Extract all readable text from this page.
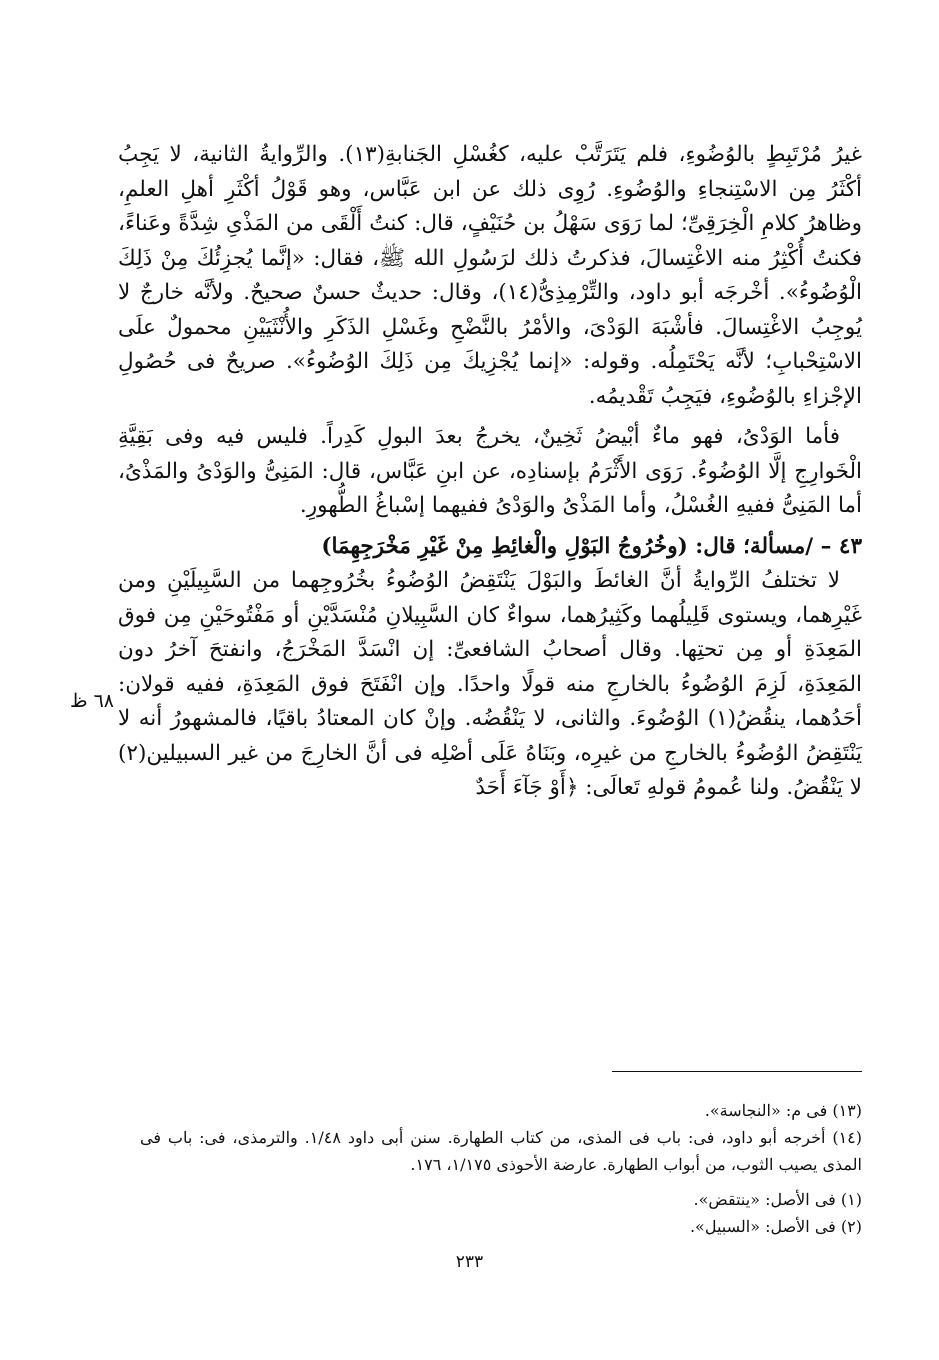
٦٨ ظ

غيرُ مُرْتَبِطٍ بالوُضُوءِ، فلم يَتَرَتَّبْ عليه، كغُسْلِ الجَنابةِ(١٣). والرِّوايةُ الثانية، لا يَجِبُ أكْثَرُ مِن الاسْتِنجاءِ والوُضُوءِ. رُوِى ذلك عن ابن عَبَّاس، وهو قَوْلُ أكْثَرِ أهلِ العلمِ، وظاهرُ كلامِ الْخِرَقِىِّ؛ لما رَوَى سَهْلُ بن حُنَيْفٍ، قال: كنتُ أَلْقَى من المَذْىِ شِدَّةً وعَناءً، فكنتُ أُكْثِرُ منه الاغْتِسالَ، فذكرتُ ذلك لرَسُولِ الله ﷺ، فقال: «إنَّما يُجزِئُكَ مِنْ ذَلِكَ الْوُضُوءُ». أخْرجَه أبو داود، والتِّرْمِذِىُّ(١٤)، وقال: حديثٌ حسنٌ صحيحٌ. ولأنَّه خارجٌ لا يُوجِبُ الاغْتِسالَ. فأشْبَهَ الوَدْىَ، والأمْرُ بالنَّضْحِ وغَسْلِ الذَكَرِ والأُنْثَيَيْنِ محمولٌ علَى الاسْتِحْبابِ؛ لأنَّه يَحْتَمِلُه. وقوله: «إنما يُجْزِيكَ مِن ذَلِكَ الوُضُوءُ». صريحٌ فى حُصُولِ الإجْزاءِ بالوُضُوءِ، فيَجِبُ تَقْديمُه.

فأما الوَدْىُ، فهو ماءٌ أبْيضُ ثَخِينٌ، يخرجُ بعدَ البولِ كَدِراً. فليس فيه وفى بَقِيَّةِ الْخَوارِجِ إلَّا الوُضُوءُ. رَوَى الأَثْرَمُ بإسنادِه، عن ابنِ عَبَّاس، قال: المَنِىُّ والوَدْىُ والمَذْىُ، أما المَنِىُّ ففيهِ الغُسْلُ، وأما المَذْىُ والوَدْىُ ففيهما إسْباغُ الطُّهورِ.

٤٣ – /مسألة؛ قال: (وخُرُوجُ البَوْلِ والْغائِطِ مِنْ غَيْرِ مَخْرَجِهِمَا)

لا تختلفُ الرِّوايةُ أنَّ الغائطَ والبَوْلَ يَنْتَقِضُ الوُضُوءُ بخُرُوجِهما من السَّبِيلَيْنِ ومن غَيْرِهما، ويستوى قَلِيلُهما وكَثِيرُهما، سواءٌ كان السَّبِيلانِ مُنْسَدَّيْنِ أو مَفْتُوحَيْنِ مِن فوق المَعِدَةِ أو مِن تحتِها. وقال أصحابُ الشافعىِّ: إن انْسَدَّ المَخْرَجُ، وانفتحَ آخرُ دون المَعِدَةِ، لَزِمَ الوُضُوءُ بالخارجِ منه قولًا واحدًا. وإن انْفَتَحَ فوق المَعِدَةِ، ففيه قولان: أحَدُهما، ينقُضُ(١) الوُضُوءَ. والثانى، لا يَنْقُضُه. وإنْ كان المعتادُ باقيًا، فالمشهورُ أنه لا يَنْتَقِضُ الوُضُوءُ بالخارجِ من غيرِه، وبَنَاهُ عَلَى أصْلِه فى أنَّ الخارِجَ من غير السبيلين(٢) لا يَنْقُضُ. ولنا عُمومُ قولهِ تَعالَى: ﴿أَوْ جَآءَ أَحَدٌ

(١٣) فى م: «النجاسة».

(١٤) أخرجه أبو داود، فى: باب فى المذى، من كتاب الطهارة. سنن أبى داود ١/٤٨. والترمذى، فى: باب فى المذى يصيب الثوب، من أبواب الطهارة. عارضة الأحوذى ١/١٧٥، ١٧٦.

(١) فى الأصل: «ينتقض».

(٢) فى الأصل: «السبيل».

٢٣٣
